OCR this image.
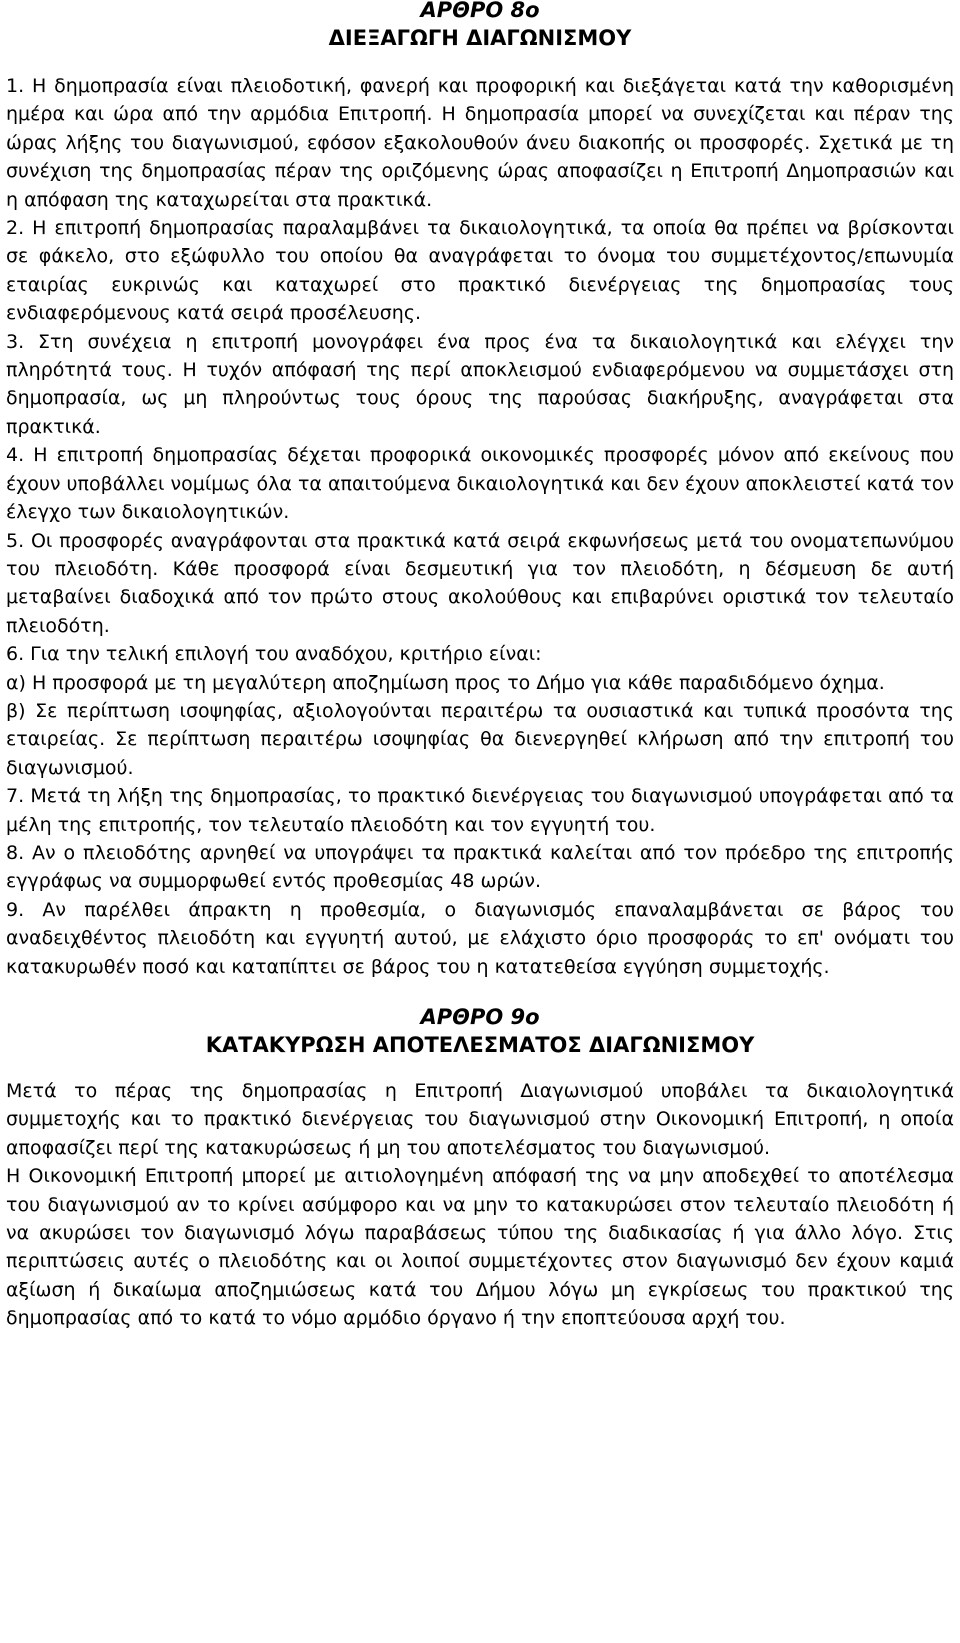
ΑΡΘΡΟ 8ο
ΔΙΕΞΑΓΩΓΗ ΔΙΑΓΩΝΙΣΜΟΥ

1. Η δημοπρασία είναι πλειοδοτική, φανερή και προφορική και διεξάγεται κατά την καθορισμένη ημέρα και ώρα από την αρμόδια Επιτροπή. Η δημοπρασία μπορεί να συνεχίζεται και πέραν της ώρας λήξης του διαγωνισμού, εφόσον εξακολουθούν άνευ διακοπής οι προσφορές. Σχετικά με τη συνέχιση της δημοπρασίας πέραν της οριζόμενης ώρας αποφασίζει η Επιτροπή Δημοπρασιών και η απόφαση της καταχωρείται στα πρακτικά.

2. Η επιτροπή δημοπρασίας παραλαμβάνει τα δικαιολογητικά, τα οποία θα πρέπει να βρίσκονται σε φάκελο, στο εξώφυλλο του οποίου θα αναγράφεται το όνομα του συμμετέχοντος/επωνυμία εταιρίας ευκρινώς και καταχωρεί στο πρακτικό διενέργειας της δημοπρασίας τους ενδιαφερόμενους κατά σειρά προσέλευσης.

3. Στη συνέχεια η επιτροπή μονογράφει ένα προς ένα τα δικαιολογητικά και ελέγχει την πληρότητά τους. Η τυχόν απόφασή της περί αποκλεισμού ενδιαφερόμενου να συμμετάσχει στη δημοπρασία, ως μη πληρούντως τους όρους της παρούσας διακήρυξης, αναγράφεται στα πρακτικά.

4. Η επιτροπή δημοπρασίας δέχεται προφορικά οικονομικές προσφορές μόνον από εκείνους που έχουν υποβάλλει νομίμως όλα τα απαιτούμενα δικαιολογητικά και δεν έχουν αποκλειστεί κατά τον έλεγχο των δικαιολογητικών.

5. Οι προσφορές αναγράφονται στα πρακτικά κατά σειρά εκφωνήσεως μετά του ονοματεπωνύμου του πλειοδότη. Κάθε προσφορά είναι δεσμευτική για τον πλειοδότη, η δέσμευση δε αυτή μεταβαίνει διαδοχικά από τον πρώτο στους ακολούθους και επιβαρύνει οριστικά τον τελευταίο πλειοδότη.

6. Για την τελική επιλογή του αναδόχου, κριτήριο είναι:

α) Η προσφορά με τη μεγαλύτερη αποζημίωση προς το Δήμο για κάθε παραδιδόμενο όχημα.

β) Σε περίπτωση ισοψηφίας, αξιολογούνται περαιτέρω τα ουσιαστικά και τυπικά προσόντα της εταιρείας. Σε περίπτωση περαιτέρω ισοψηφίας θα διενεργηθεί κλήρωση από την επιτροπή του διαγωνισμού.

7. Μετά τη λήξη της δημοπρασίας, το πρακτικό διενέργειας του διαγωνισμού υπογράφεται από τα μέλη της επιτροπής, τον τελευταίο πλειοδότη και τον εγγυητή του.

8. Αν ο πλειοδότης αρνηθεί να υπογράψει τα πρακτικά καλείται από τον πρόεδρο της επιτροπής εγγράφως να συμμορφωθεί εντός προθεσμίας 48 ωρών.

9. Αν παρέλθει άπρακτη η προθεσμία, ο διαγωνισμός επαναλαμβάνεται σε βάρος του αναδειχθέντος πλειοδότη και εγγυητή αυτού, με ελάχιστο όριο προσφοράς το επ' ονόματι του κατακυρωθέν ποσό και καταπίπτει σε βάρος του η κατατεθείσα εγγύηση συμμετοχής.

ΑΡΘΡΟ 9ο
ΚΑΤΑΚΥΡΩΣΗ ΑΠΟΤΕΛΕΣΜΑΤΟΣ ΔΙΑΓΩΝΙΣΜΟΥ

Μετά το πέρας της δημοπρασίας η Επιτροπή Διαγωνισμού υποβάλει τα δικαιολογητικά συμμετοχής και το πρακτικό διενέργειας του διαγωνισμού στην Οικονομική Επιτροπή, η οποία αποφασίζει περί της κατακυρώσεως ή μη του αποτελέσματος του διαγωνισμού.

Η Οικονομική Επιτροπή μπορεί με αιτιολογημένη απόφασή της να μην αποδεχθεί το αποτέλεσμα του διαγωνισμού αν το κρίνει ασύμφορο και να μην το κατακυρώσει στον τελευταίο πλειοδότη ή να ακυρώσει τον διαγωνισμό λόγω παραβάσεως τύπου της διαδικασίας ή για άλλο λόγο. Στις περιπτώσεις αυτές ο πλειοδότης και οι λοιποί συμμετέχοντες στον διαγωνισμό δεν έχουν καμιά αξίωση ή δικαίωμα αποζημιώσεως κατά του Δήμου λόγω μη εγκρίσεως του πρακτικού της δημοπρασίας από το κατά το νόμο αρμόδιο όργανο ή την εποπτεύουσα αρχή του.
